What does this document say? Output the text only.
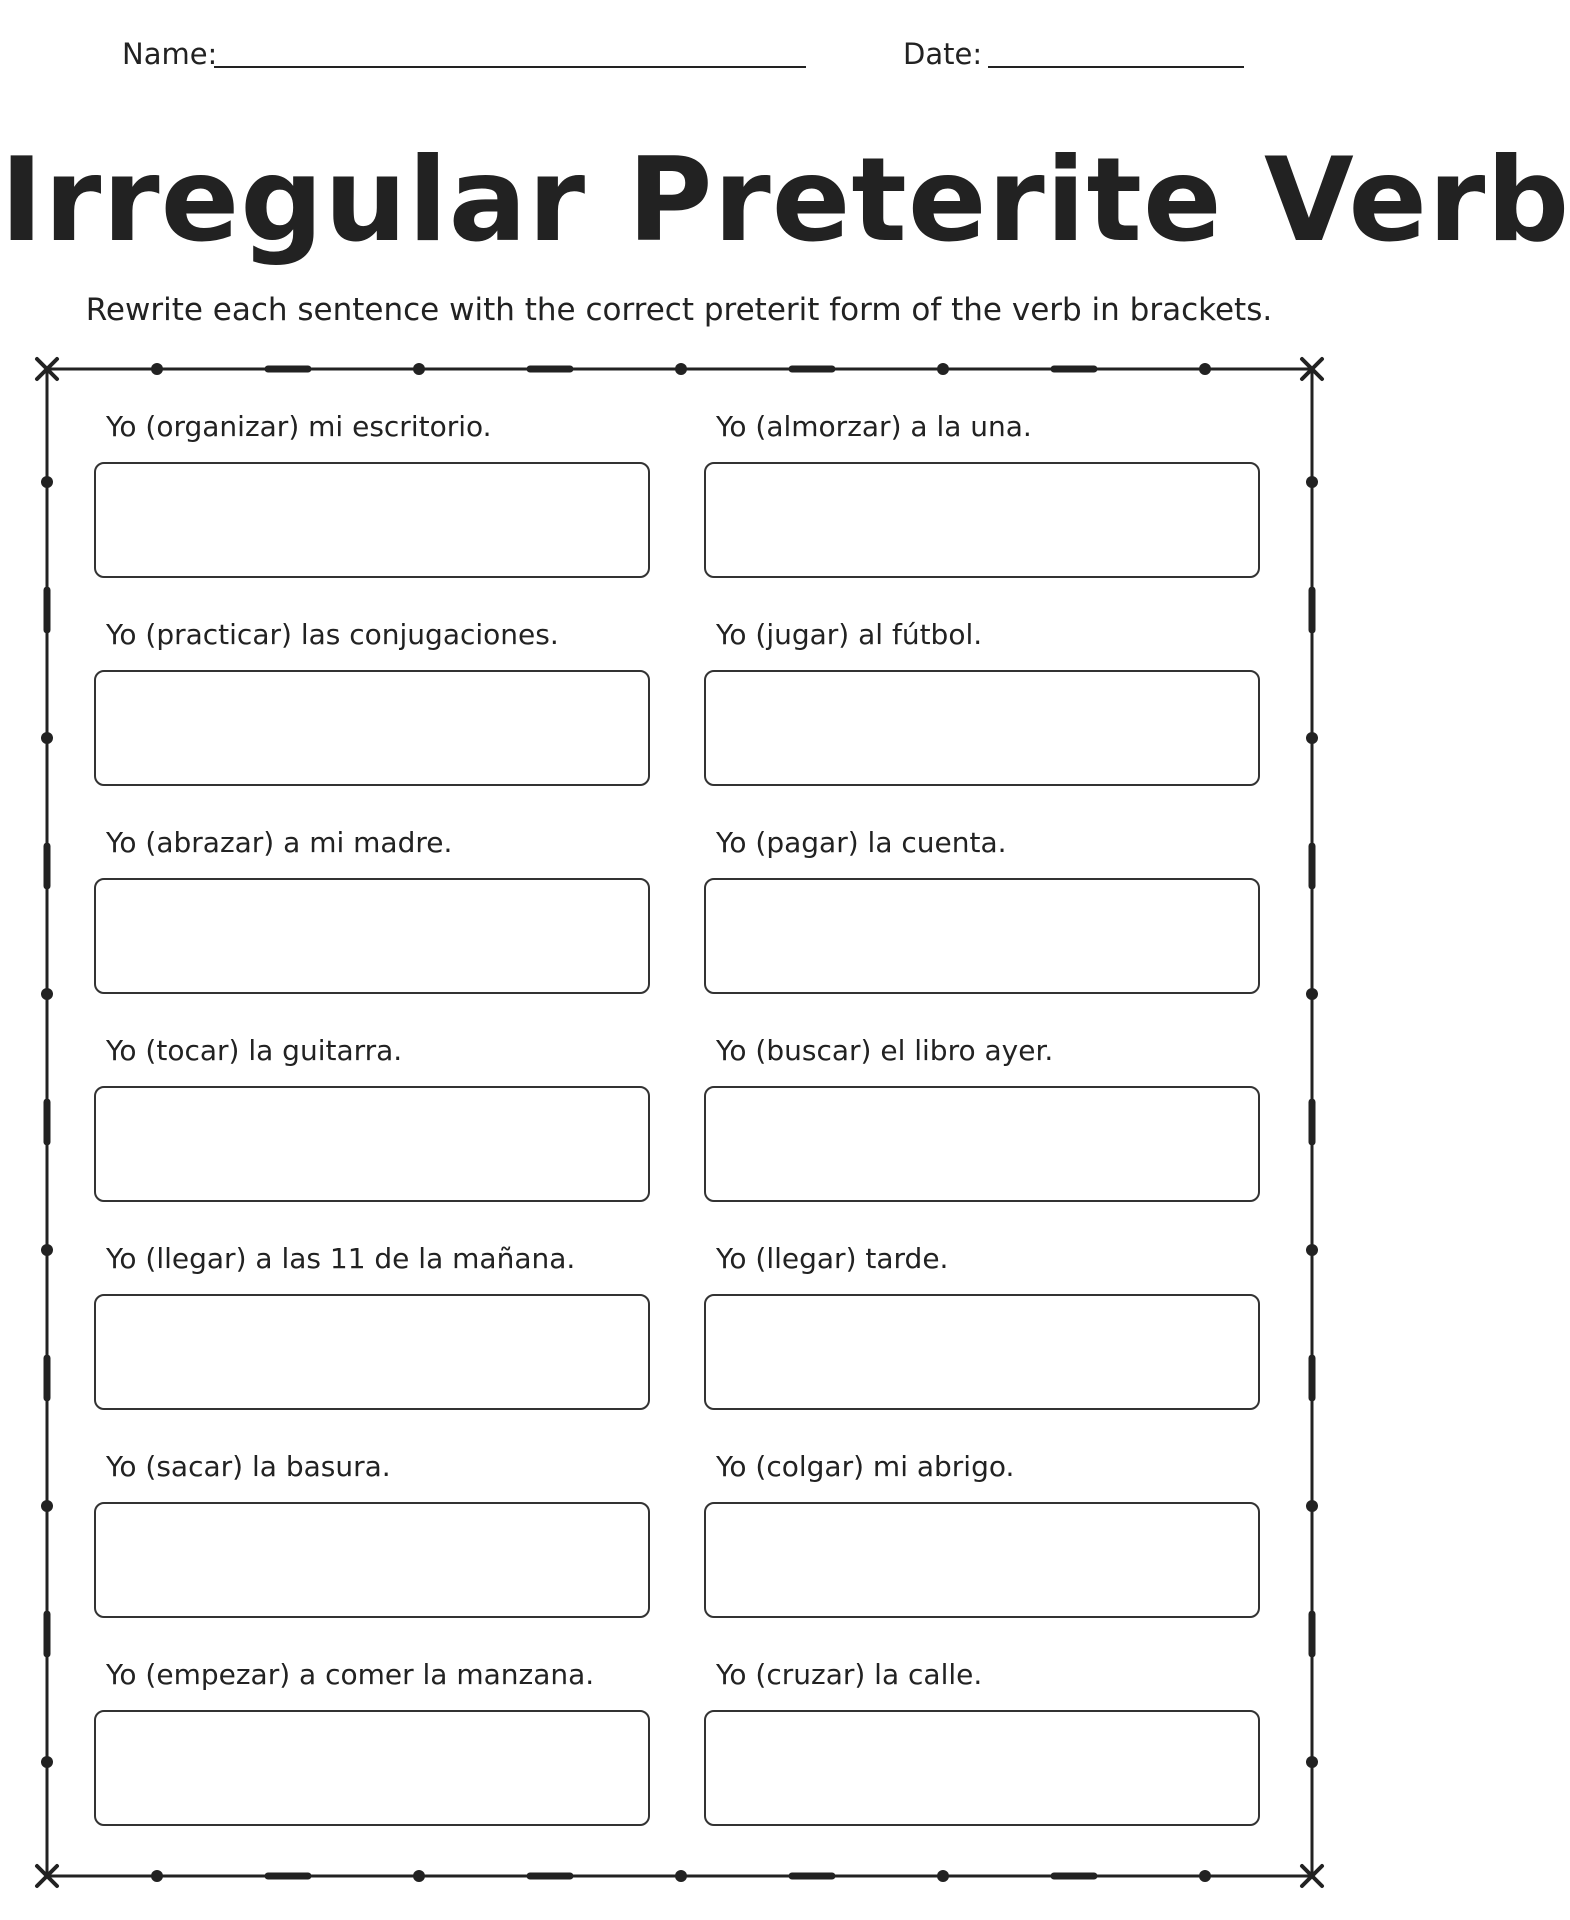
Name:	Date:
Irregular Preterite Verb
Rewrite each sentence with the correct preterit form of the verb in brackets.
Yo (organizar) mi escritorio.	Yo (almorzar) a la una.
Yo (practicar) las conjugaciones.	Yo (jugar) al fútbol.
Yo (abrazar) a mi madre.	Yo (pagar) la cuenta.
Yo (tocar) la guitarra.	Yo (buscar) el libro ayer.
Yo (llegar) a las 11 de la mañana.	Yo (llegar) tarde.
Yo (sacar) la basura.	Yo (colgar) mi abrigo.
Yo (empezar) a comer la manzana.	Yo (cruzar) la calle.
